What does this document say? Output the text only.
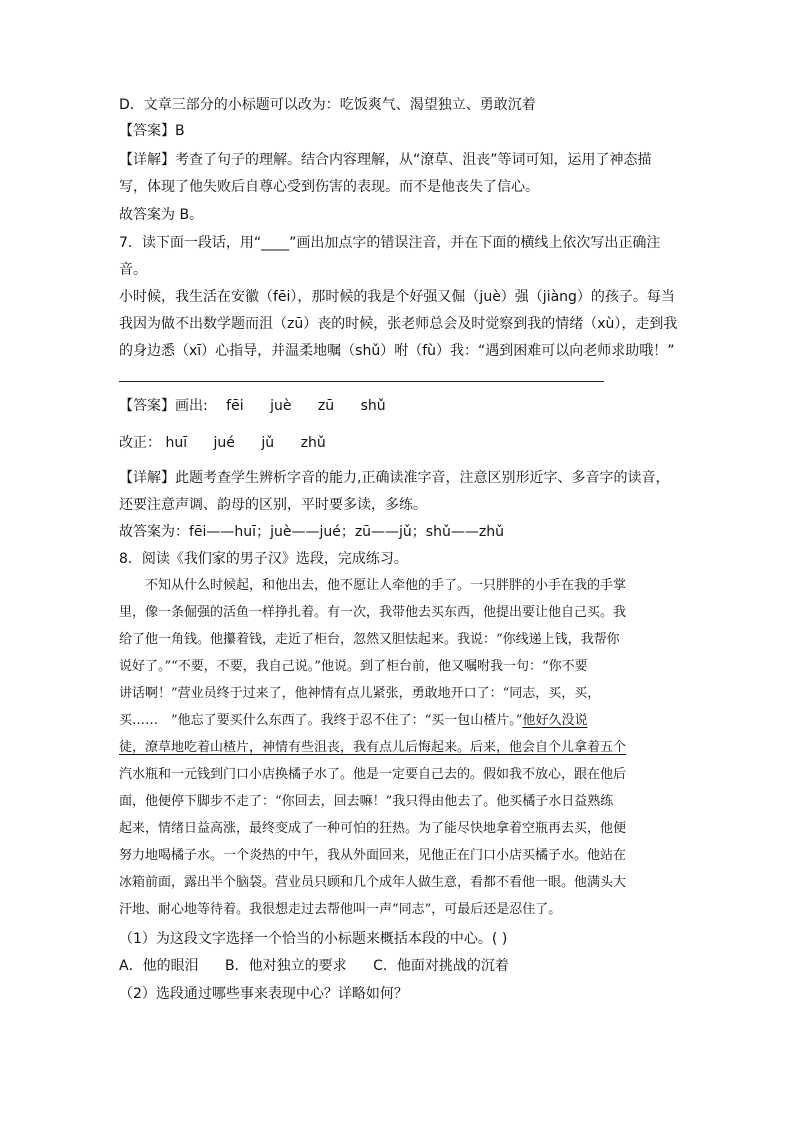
D．文章三部分的小标题可以改为：吃饭爽气、渴望独立、勇敢沉着
【答案】B
【详解】考查了句子的理解。结合内容理解，从“潦草、沮丧”等词可知，运用了神态描
写，体现了他失败后自尊心受到伤害的表现。而不是他丧失了信心。
故答案为 B。
7．读下面一段话，用“____”画出加点字的错误注音，并在下面的横线上依次写出正确注
音。
小时候，我生活在安徽（fēi），那时候的我是个好强又倔（juè）强（jiàng）的孩子。每当
我因为做不出数学题而沮（zū）丧的时候，张老师总会及时觉察到我的情绪（xù），走到我
的身边悉（xī）心指导，并温柔地嘱（shǔ）咐（fù）我：“遇到困难可以向老师求助哦！”
【答案】画出: fēi juè zū shǔ
改正： huī jué jǔ zhǔ
【详解】此题考查学生辨析字音的能力,正确读准字音，注意区别形近字、多音字的读音，
还要注意声调、韵母的区别，平时要多读，多练。
故答案为：fēi——huī；juè——jué；zū——jǔ；shǔ——zhǔ
8．阅读《我们家的男子汉》选段，完成练习。
　　不知从什么时候起，和他出去，他不愿让人牵他的手了。一只胖胖的小手在我的手掌
里，像一条倔强的活鱼一样挣扎着。有一次，我带他去买东西，他提出要让他自己买。我
给了他一角钱。他攥着钱，走近了柜台，忽然又胆怯起来。我说：“你线递上钱，我帮你
说好了。”“不要，不要，我自己说。”他说。到了柜台前，他又嘱咐我一句：“你不要
讲话啊！”营业员终于过来了，他神情有点儿紧张，勇敢地开口了：“同志，买，买，
买……　”他忘了要买什么东西了。我终于忍不住了：“买一包山楂片。”他好久没说
徒，潦草地吃着山楂片，神情有些沮丧，我有点儿后悔起来。后来，他会自个儿拿着五个
汽水瓶和一元钱到门口小店换橘子水了。他是一定要自己去的。假如我不放心，跟在他后
面，他便停下脚步不走了：“你回去，回去嘛！”我只得由他去了。他买橘子水日益熟练
起来，情绪日益高涨，最终变成了一种可怕的狂热。为了能尽快地拿着空瓶再去买，他便
努力地喝橘子水。一个炎热的中午，我从外面回来，见他正在门口小店买橘子水。他站在
冰箱前面，露出半个脑袋。营业员只顾和几个成年人做生意，看都不看他一眼。他满头大
汗地、耐心地等待着。我很想走过去帮他叫一声“同志”，可最后还是忍住了。
（1）为这段文字选择一个恰当的小标题来概括本段的中心。( )
A．他的眼泪 B．他对独立的要求 C．他面对挑战的沉着
（2）选段通过哪些事来表现中心？详略如何？
